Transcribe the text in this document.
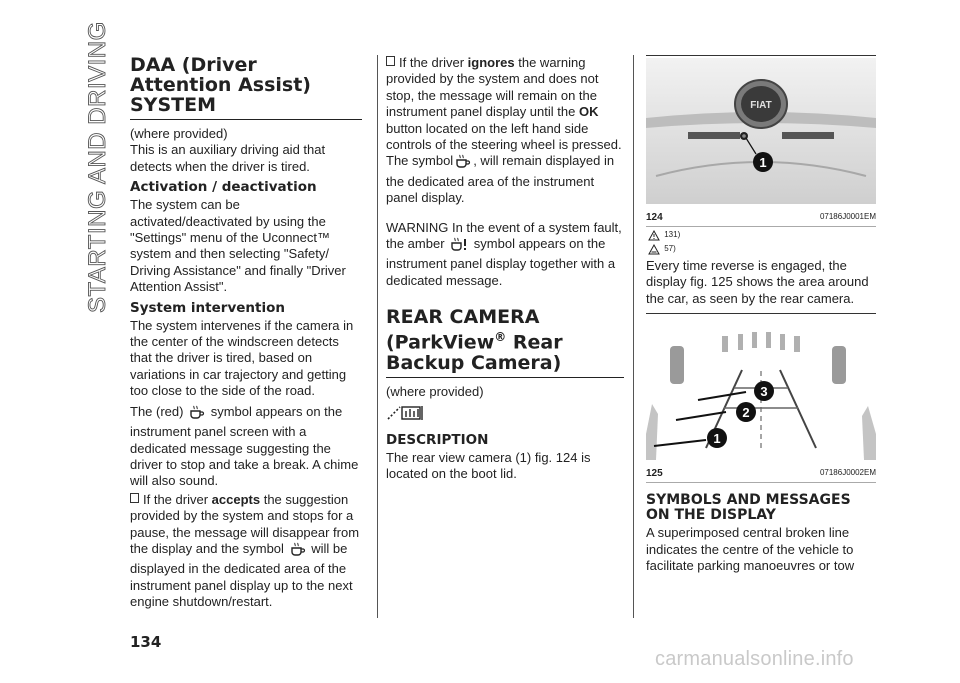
STARTING AND DRIVING DAA (Driver Attention Assist) SYSTEM

(where provided)

This is an auxiliary driving aid that detects when the driver is tired.

Activation / deactivation

The system can be activated/deactivated by using the "Settings" menu of the Uconnect™ system and then selecting "Safety/ Driving Assistance" and finally "Driver Attention Assist".

System intervention

The system intervenes if the camera in the center of the windscreen detects that the driver is tired, based on variations in car trajectory and getting too close to the side of the road.

The (red) symbol appears on the instrument panel screen with a dedicated message suggesting the driver to stop and take a break. A chime will also sound.

If the driver accepts the suggestion provided by the system and stops for a pause, the message will disappear from the display and the symbol will be displayed in the dedicated area of the instrument panel display up to the next engine shutdown/restart.

If the driver ignores the warning provided by the system and does not stop, the message will remain on the instrument panel display until the OK button located on the left hand side controls of the steering wheel is pressed. The symbol , will remain displayed in the dedicated area of the instrument panel display.

WARNING In the event of a system fault, the amber symbol appears on the instrument panel display together with a dedicated message.

REAR CAMERA (ParkView® Rear Backup Camera)

(where provided)

DESCRIPTION

The rear view camera (1) fig. 124 is located on the boot lid.

FIAT
1
124	07186J0001EM
131)
57)

Every time reverse is engaged, the display fig. 125 shows the area around the car, as seen by the rear camera.

1
2
3
125	07186J0002EM
SYMBOLS AND MESSAGES ON THE DISPLAY

A superimposed central broken line indicates the centre of the vehicle to facilitate parking manoeuvres or tow

134
carmanualsonline.info
